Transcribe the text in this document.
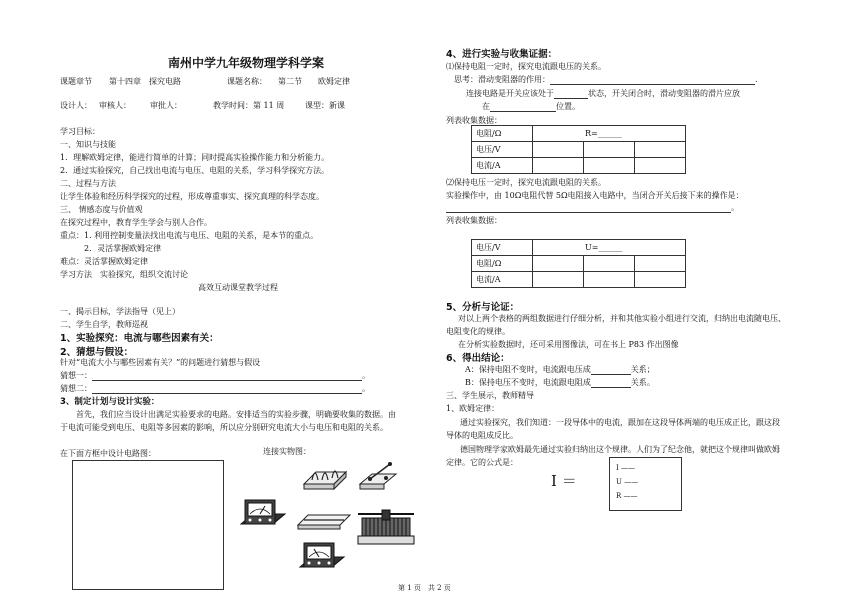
南州中学九年级物理学科学案
课题章节 第十四章　探究电路	课题名称： 第二节　　欧姆定律
设计人： 审核人： 审批人：	教学时间：第 11 周	课型：新课
学习目标：
一、知识与技能
1．理解欧姆定律，能进行简单的计算；同时提高实验操作能力和分析能力。
2．通过实验探究，自己找出电流与电压、电阻的关系，学习科学探究方法。
二、过程与方法
让学生体验和经历科学探究的过程，形成尊重事实、探究真理的科学态度。
三、 情感态度与价值观
在探究过程中，教育学生学会与别人合作。
重点：1. 利用控制变量法找出电流与电压、电阻的关系，是本节的重点。
2．灵活掌握欧姆定律
难点：灵活掌握欧姆定律
学习方法　实验探究，组织交流讨论
高效互动课堂教学过程
一、揭示目标，学法指导（见上）
二、学生自学，教师巡视
1、实验探究：电流与哪些因素有关：
2、猜想与假设：
针对“电流大小与哪些因素有关？”的问题进行猜想与假设
猜想一：	。
猜想二：	。
3、制定计划与设计实验：
首先，我们应当设计出满足实验要求的电路。安排适当的实验步骤，明确要收集的数据。由
于电流可能受到电压、电阻等多因素的影响，所以应分别研究电流大小与电压和电阻的关系。
在下面方框中设计电路图：	连接实物图：
第 1 页　共 2 页
4、进行实验与收集证据：
⑴保持电阻一定时，探究电流跟电压的关系。
思考：滑动变阻器的作用：	.
连接电路是开关应该处于	状态，开关闭合时，滑动变阻器的滑片应放
在	位置。
列表收集数据：
电阻/Ω	R=______		
电压/V			
电流/A			
⑵保持电压一定时，探究电流跟电阻的关系。
实验操作中，由 10Ω电阻代替 5Ω电阻接入电路中，当闭合开关后接下来的操作是：
。
列表收集数据：
电压/V	U=______		
电阻/Ω			
电流/A			
5、分析与论证：
对以上两个表格的两组数据进行仔细分析，并和其他实验小组进行交流，归纳出电流随电压、
电阻变化的规律。
在分析实验数据时，还可采用图像法，可在书上 P83 作出图像
6、得出结论：
A：保持电阻不变时，电流跟电压成	关系；
B：保持电压不变时，电流跟电阻成	关系。
三、学生展示，教师精导
1、欧姆定律：
通过实验探究，我们知道：一段导体中的电流，跟加在这段导体两端的电压成正比，跟这段
导体的电阻成反比。
德国物理学家欧姆最先通过实验归纳出这个规律。人们为了纪念他，就把这个规律叫做欧姆
定律。它的公式是：
I ＝
I ——
U ——
R ——
